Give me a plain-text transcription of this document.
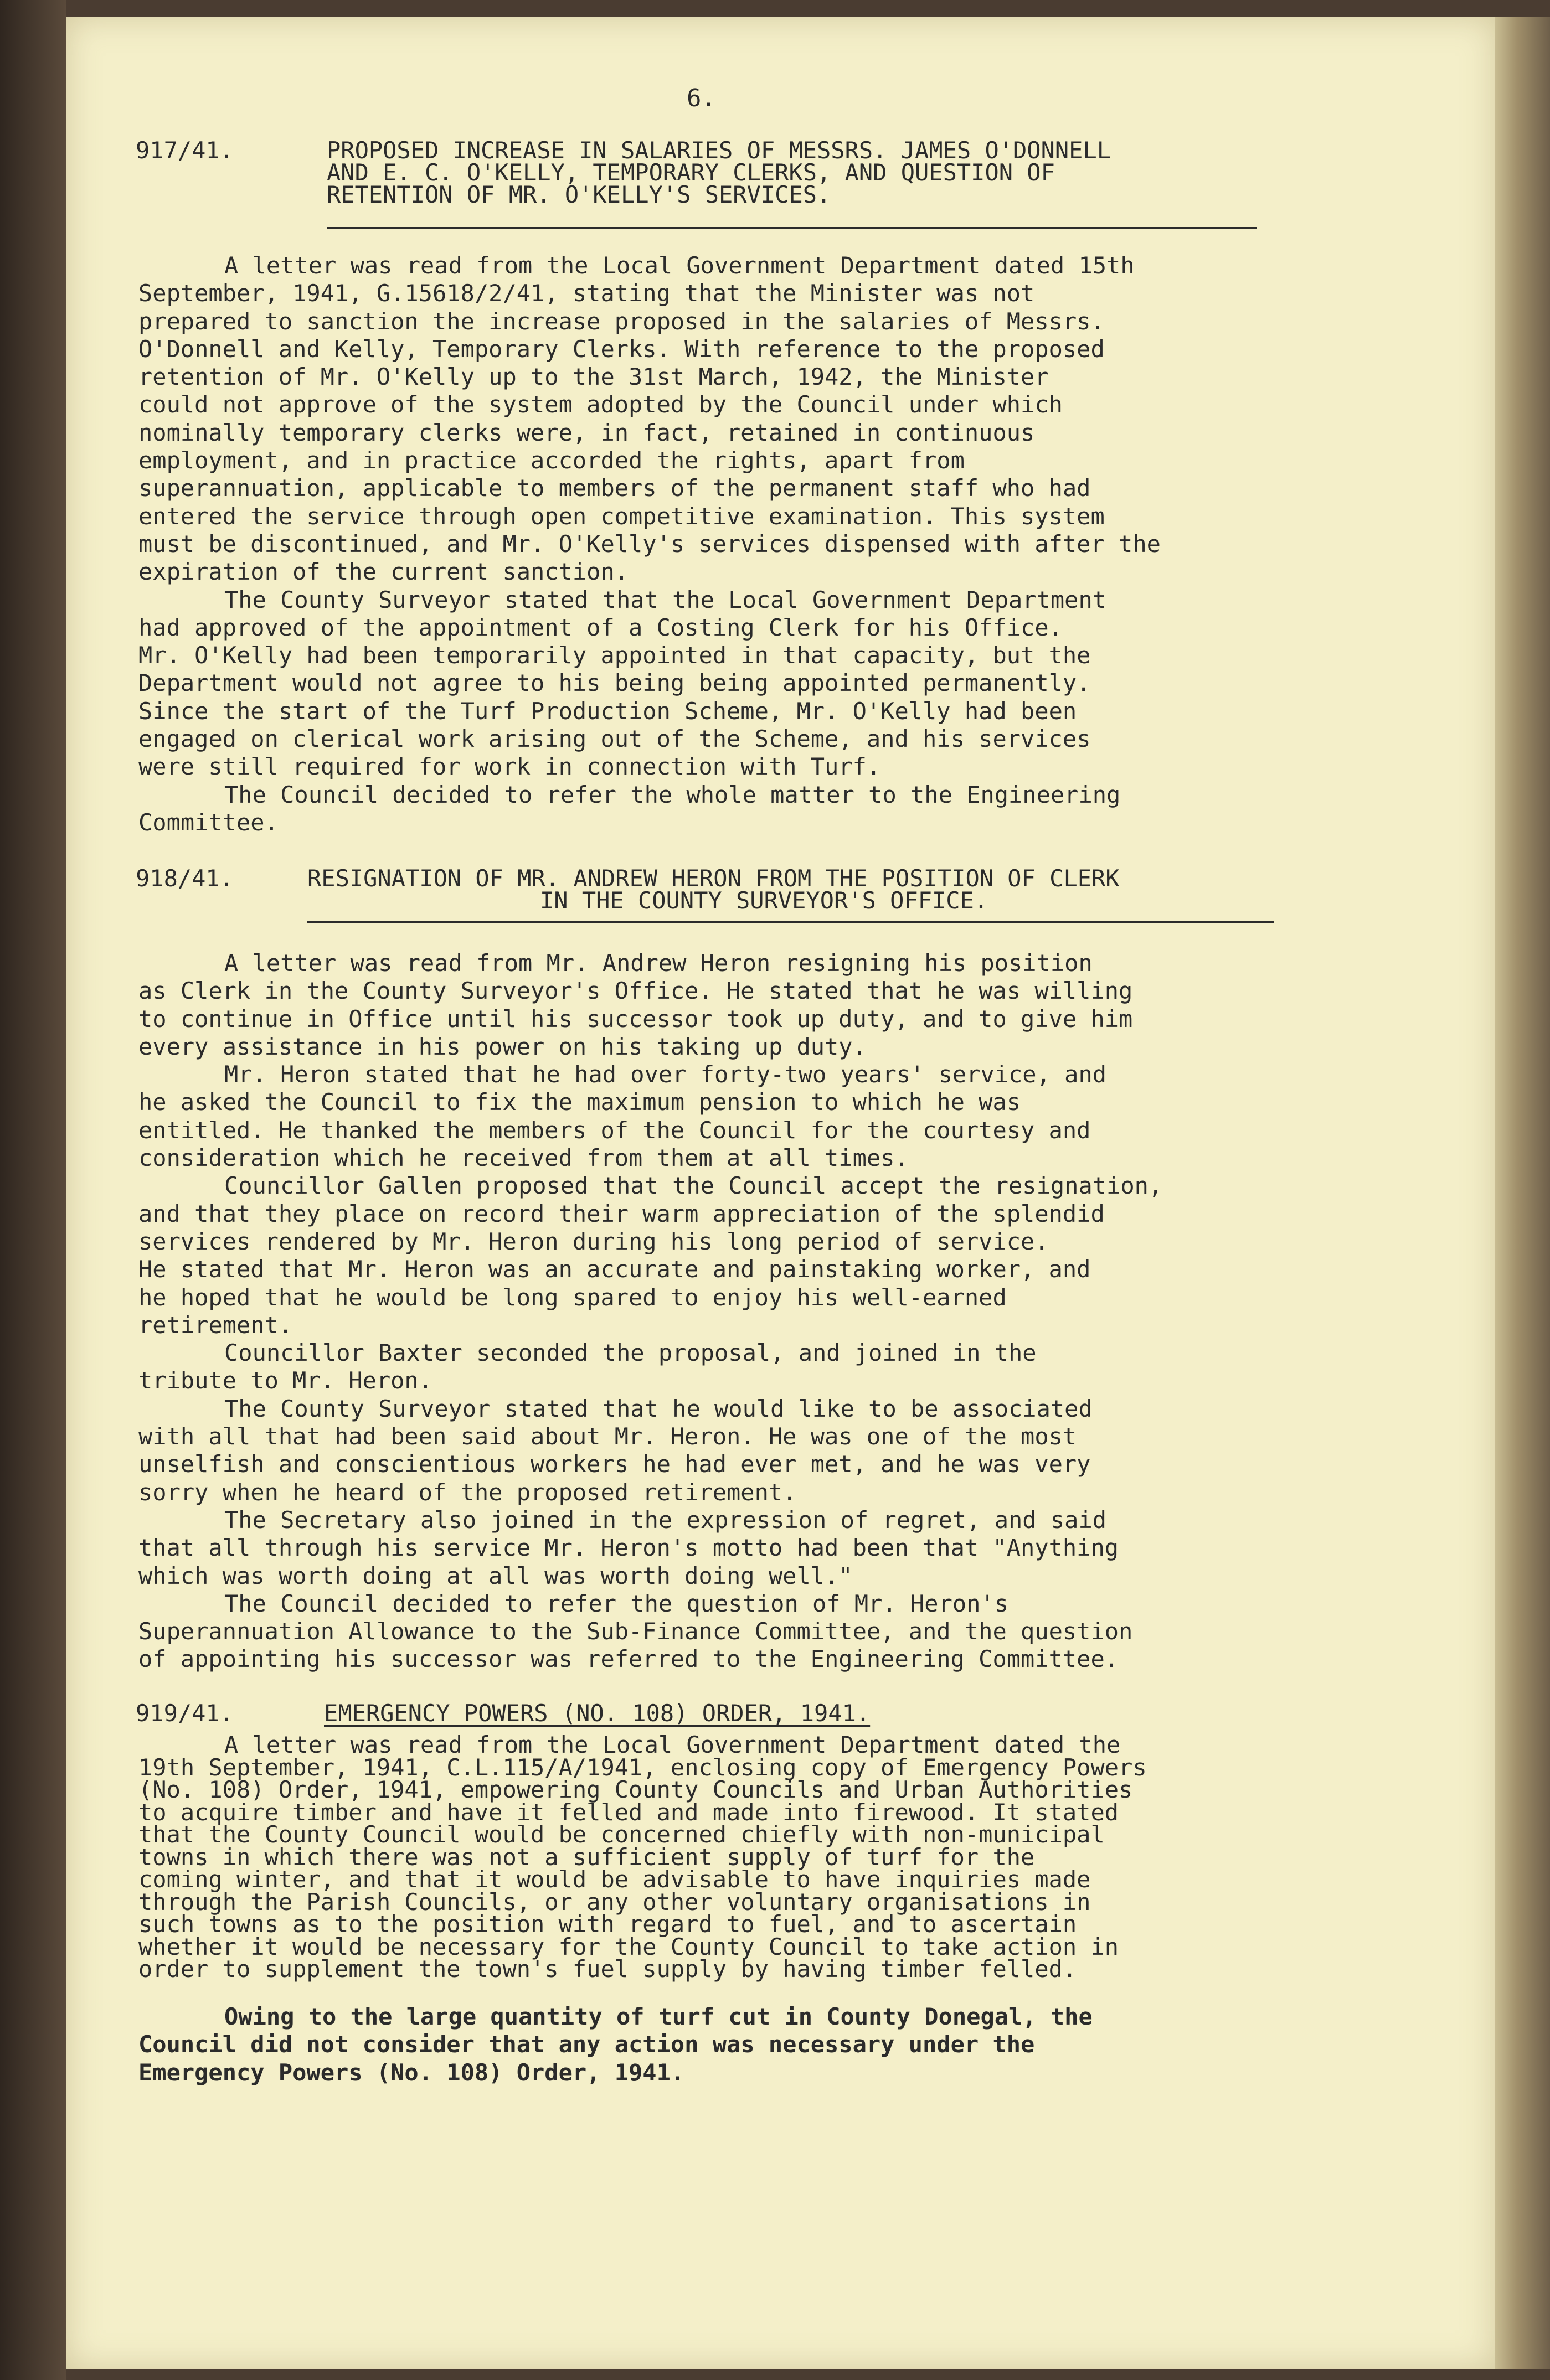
6.
917/41.	PROPOSED INCREASE IN SALARIES OF MESSRS. JAMES O'DONNELL
AND E. C. O'KELLY, TEMPORARY CLERKS, AND QUESTION OF
RETENTION OF MR. O'KELLY'S SERVICES.
A letter was read from the Local Government Department dated 15th
September, 1941, G.15618/2/41, stating that the Minister was not
prepared to sanction the increase proposed in the salaries of Messrs.
O'Donnell and Kelly, Temporary Clerks. With reference to the proposed
retention of Mr. O'Kelly up to the 31st March, 1942, the Minister
could not approve of the system adopted by the Council under which
nominally temporary clerks were, in fact, retained in continuous
employment, and in practice accorded the rights, apart from
superannuation, applicable to members of the permanent staff who had
entered the service through open competitive examination. This system
must be discontinued, and Mr. O'Kelly's services dispensed with after the
expiration of the current sanction.
The County Surveyor stated that the Local Government Department
had approved of the appointment of a Costing Clerk for his Office.
Mr. O'Kelly had been temporarily appointed in that capacity, but the
Department would not agree to his being being appointed permanently.
Since the start of the Turf Production Scheme, Mr. O'Kelly had been
engaged on clerical work arising out of the Scheme, and his services
were still required for work in connection with Turf.
The Council decided to refer the whole matter to the Engineering
Committee.
918/41.	RESIGNATION OF MR. ANDREW HERON FROM THE POSITION OF CLERK
IN THE COUNTY SURVEYOR'S OFFICE.
A letter was read from Mr. Andrew Heron resigning his position
as Clerk in the County Surveyor's Office. He stated that he was willing
to continue in Office until his successor took up duty, and to give him
every assistance in his power on his taking up duty.
Mr. Heron stated that he had over forty-two years' service, and
he asked the Council to fix the maximum pension to which he was
entitled. He thanked the members of the Council for the courtesy and
consideration which he received from them at all times.
Councillor Gallen proposed that the Council accept the resignation,
and that they place on record their warm appreciation of the splendid
services rendered by Mr. Heron during his long period of service.
He stated that Mr. Heron was an accurate and painstaking worker, and
he hoped that he would be long spared to enjoy his well-earned
retirement.
Councillor Baxter seconded the proposal, and joined in the
tribute to Mr. Heron.
The County Surveyor stated that he would like to be associated
with all that had been said about Mr. Heron. He was one of the most
unselfish and conscientious workers he had ever met, and he was very
sorry when he heard of the proposed retirement.
The Secretary also joined in the expression of regret, and said
that all through his service Mr. Heron's motto had been that "Anything
which was worth doing at all was worth doing well."
The Council decided to refer the question of Mr. Heron's
Superannuation Allowance to the Sub-Finance Committee, and the question
of appointing his successor was referred to the Engineering Committee.
919/41.	EMERGENCY POWERS (NO. 108) ORDER, 1941.
A letter was read from the Local Government Department dated the
19th September, 1941, C.L.115/A/1941, enclosing copy of Emergency Powers
(No. 108) Order, 1941, empowering County Councils and Urban Authorities
to acquire timber and have it felled and made into firewood. It stated
that the County Council would be concerned chiefly with non-municipal
towns in which there was not a sufficient supply of turf for the
coming winter, and that it would be advisable to have inquiries made
through the Parish Councils, or any other voluntary organisations in
such towns as to the position with regard to fuel, and to ascertain
whether it would be necessary for the County Council to take action in
order to supplement the town's fuel supply by having timber felled.
Owing to the large quantity of turf cut in County Donegal, the
Council did not consider that any action was necessary under the
Emergency Powers (No. 108) Order, 1941.
